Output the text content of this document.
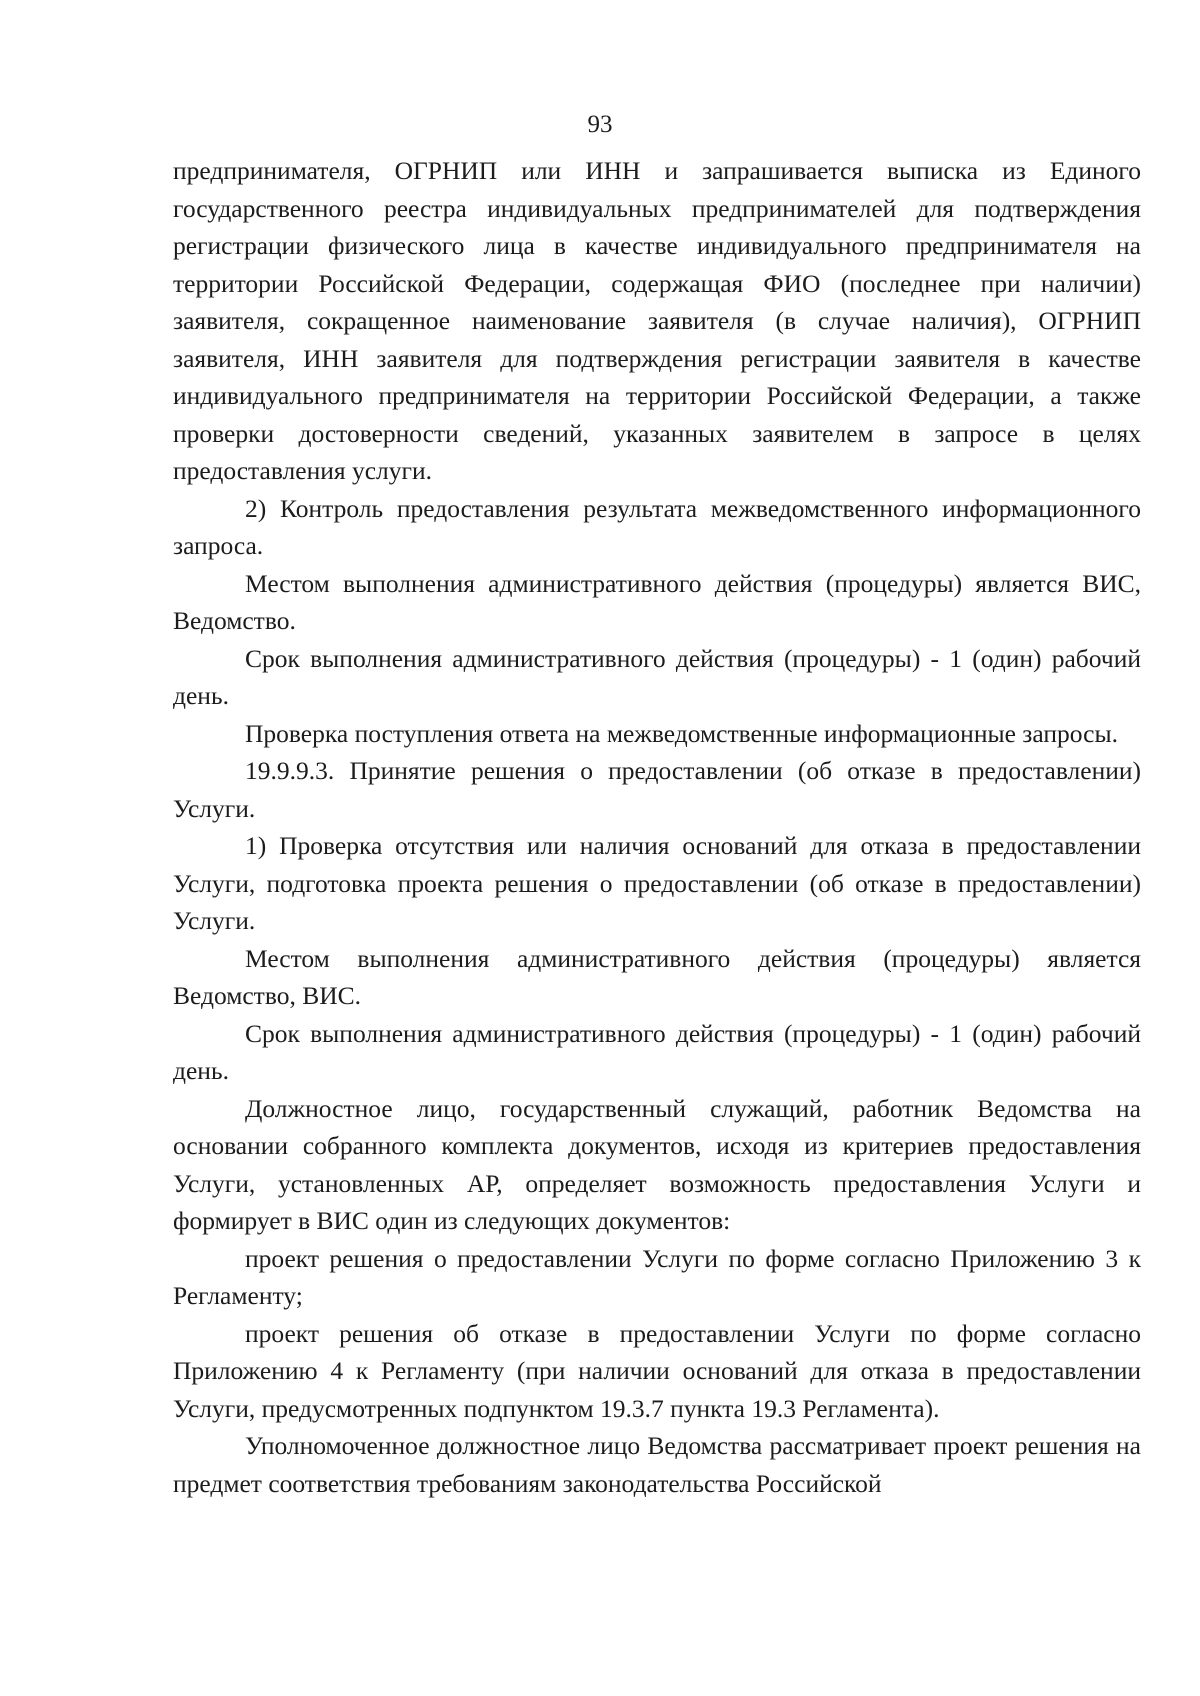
93

предпринимателя, ОГРНИП или ИНН и запрашивается выписка из Единого государственного реестра индивидуальных предпринимателей для подтверждения регистрации физического лица в качестве индивидуального предпринимателя на территории Российской Федерации, содержащая ФИО (последнее при наличии) заявителя, сокращенное наименование заявителя (в случае наличия), ОГРНИП заявителя, ИНН заявителя для подтверждения регистрации заявителя в качестве индивидуального предпринимателя на территории Российской Федерации, а также проверки достоверности сведений, указанных заявителем в запросе в целях предоставления услуги.

2) Контроль предоставления результата межведомственного информационного запроса.

Местом выполнения административного действия (процедуры) является ВИС, Ведомство.

Срок выполнения административного действия (процедуры) - 1 (один) рабочий день.

Проверка поступления ответа на межведомственные информационные запросы.

19.9.9.3. Принятие решения о предоставлении (об отказе в предоставлении) Услуги.

1) Проверка отсутствия или наличия оснований для отказа в предоставлении Услуги, подготовка проекта решения о предоставлении (об отказе в предоставлении) Услуги.

Местом выполнения административного действия (процедуры) является Ведомство, ВИС.

Срок выполнения административного действия (процедуры) - 1 (один) рабочий день.

Должностное лицо, государственный служащий, работник Ведомства на основании собранного комплекта документов, исходя из критериев предоставления Услуги, установленных АР, определяет возможность предоставления Услуги и формирует в ВИС один из следующих документов:

проект решения о предоставлении Услуги по форме согласно Приложению 3 к Регламенту;

проект решения об отказе в предоставлении Услуги по форме согласно Приложению 4 к Регламенту (при наличии оснований для отказа в предоставлении Услуги, предусмотренных подпунктом 19.3.7 пункта 19.3 Регламента).

Уполномоченное должностное лицо Ведомства рассматривает проект решения на предмет соответствия требованиям законодательства Российской
